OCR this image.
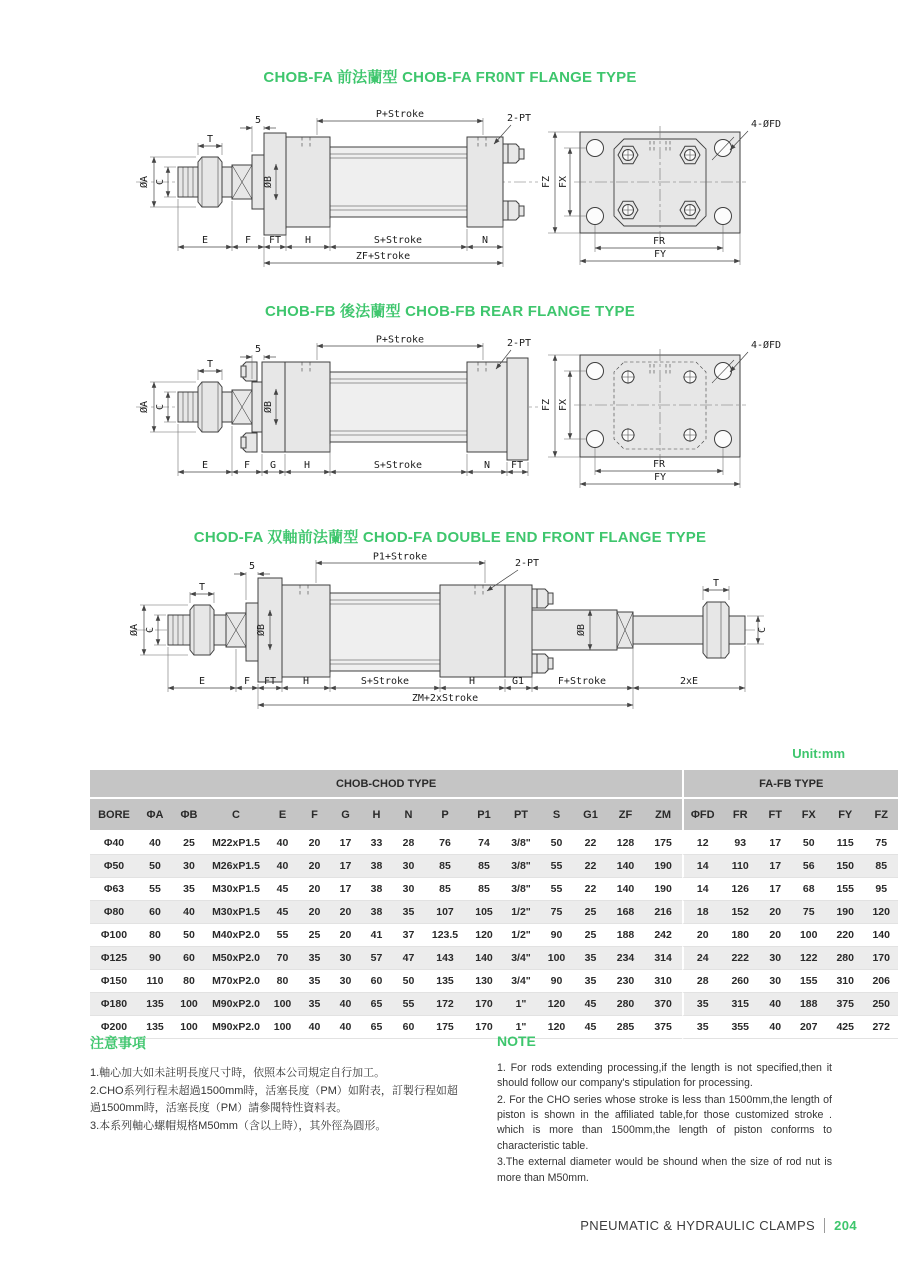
CHOB-FA 前法蘭型 CHOB-FA FR0NT FLANGE TYPE
CHOB-FB 後法蘭型 CHOB-FB REAR FLANGE TYPE
CHOD-FA 双軸前法蘭型 CHOD-FA DOUBLE END FRONT FLANGE TYPE
5
T
P+Stroke	2-PT
ØA C	ØB
E	F FT H	S+Stroke	N
ZF+Stroke
4-ØFD
FZ FX
FR
FY
5
T
P+Stroke	2-PT
ØA C	ØB
E	F G	H	S+Stroke	N FT
4-ØFD
FZ FX
FR
FY
5
T
P1+Stroke
2-PT
ØA C	ØB	ØB
T
C
E	F FT	H	S+Stroke	H	G1	F+Stroke	2xE
ZM+2xStroke
Unit:mm
CHOB-CHOD TYPE																FA-FB TYPE					
BORE	ΦA	ΦB	C	E	F	G	H	N	P	P1	PT	S	G1	ZF	ZM	ΦFD	FR	FT	FX	FY	FZ
Φ40	40	25	M22xP1.5	40	20	17	33	28	76	74	3/8"	50	22	128	175	12	93	17	50	115	75
Φ50	50	30	M26xP1.5	40	20	17	38	30	85	85	3/8"	55	22	140	190	14	110	17	56	150	85
Φ63	55	35	M30xP1.5	45	20	17	38	30	85	85	3/8"	55	22	140	190	14	126	17	68	155	95
Φ80	60	40	M30xP1.5	45	20	20	38	35	107	105	1/2"	75	25	168	216	18	152	20	75	190	120
Φ100	80	50	M40xP2.0	55	25	20	41	37	123.5	120	1/2"	90	25	188	242	20	180	20	100	220	140
Φ125	90	60	M50xP2.0	70	35	30	57	47	143	140	3/4"	100	35	234	314	24	222	30	122	280	170
Φ150	110	80	M70xP2.0	80	35	30	60	50	135	130	3/4"	90	35	230	310	28	260	30	155	310	206
Φ180	135	100	M90xP2.0	100	35	40	65	55	172	170	1"	120	45	280	370	35	315	40	188	375	250
Φ200	135	100	M90xP2.0	100	40	40	65	60	175	170	1"	120	45	285	375	35	355	40	207	425	272
注意事項

1.軸心加大如未註明長度尺寸時，依照本公司規定自行加工。

2.CHO系列行程未超過1500mm時，活塞長度（PM）如附表，訂製行程如超過1500mm時，活塞長度（PM）請參閱特性資料表。

3.本系列軸心螺帽規格M50mm（含以上時），其外徑為圓形。

NOTE

1. For rods extending processing,if the length is not specified,then it should follow our company's stipulation for processing.

2. For the CHO series whose stroke is less than 1500mm,the length of piston is shown in the affiliated table,for those customized stroke . which is more than 1500mm,the length of piston conforms to characteristic table.

3.The external diameter would be shound when the size of rod nut is more than M50mm.

PNEUMATIC & HYDRAULIC CLAMPS 204
